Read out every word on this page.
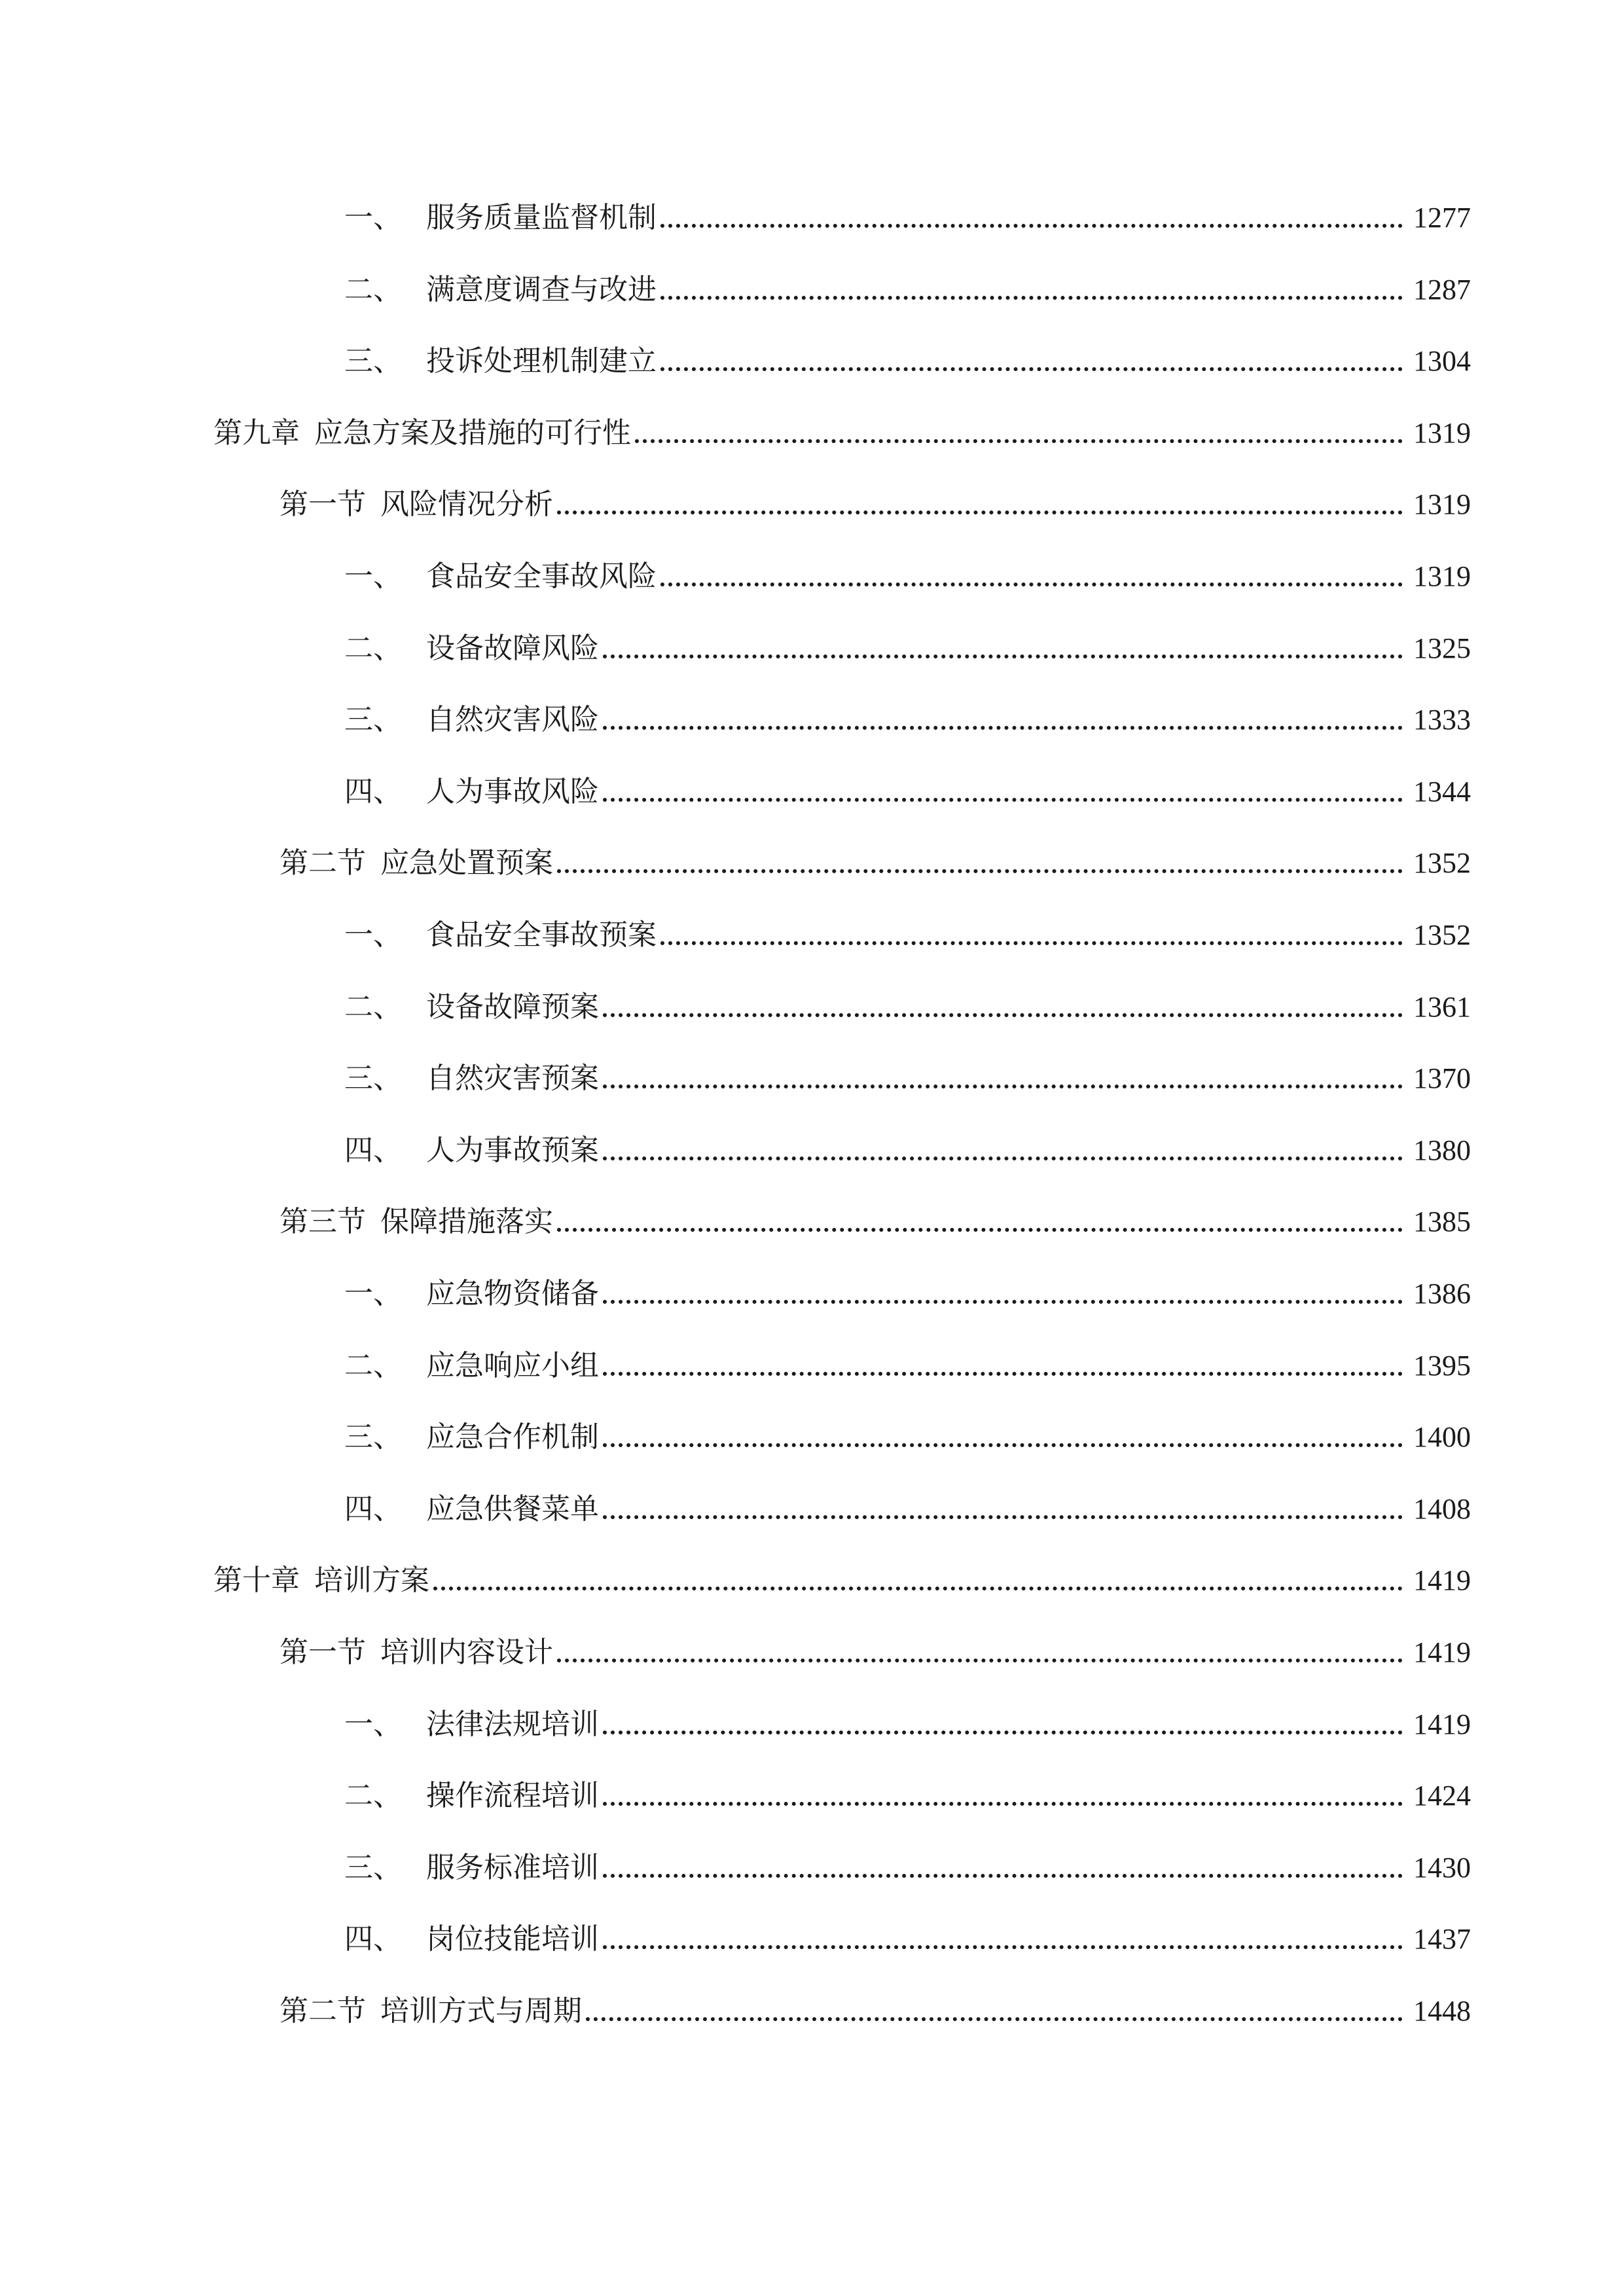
一、 服务质量监督机制	1277
二、 满意度调查与改进	1287
三、 投诉处理机制建立	1304
第九章 应急方案及措施的可行性	1319
第一节 风险情况分析	1319
一、 食品安全事故风险	1319
二、 设备故障风险	1325
三、 自然灾害风险	1333
四、 人为事故风险	1344
第二节 应急处置预案	1352
一、 食品安全事故预案	1352
二、 设备故障预案	1361
三、 自然灾害预案	1370
四、 人为事故预案	1380
第三节 保障措施落实	1385
一、 应急物资储备	1386
二、 应急响应小组	1395
三、 应急合作机制	1400
四、 应急供餐菜单	1408
第十章 培训方案	1419
第一节 培训内容设计	1419
一、 法律法规培训	1419
二、 操作流程培训	1424
三、 服务标准培训	1430
四、 岗位技能培训	1437
第二节 培训方式与周期	1448
